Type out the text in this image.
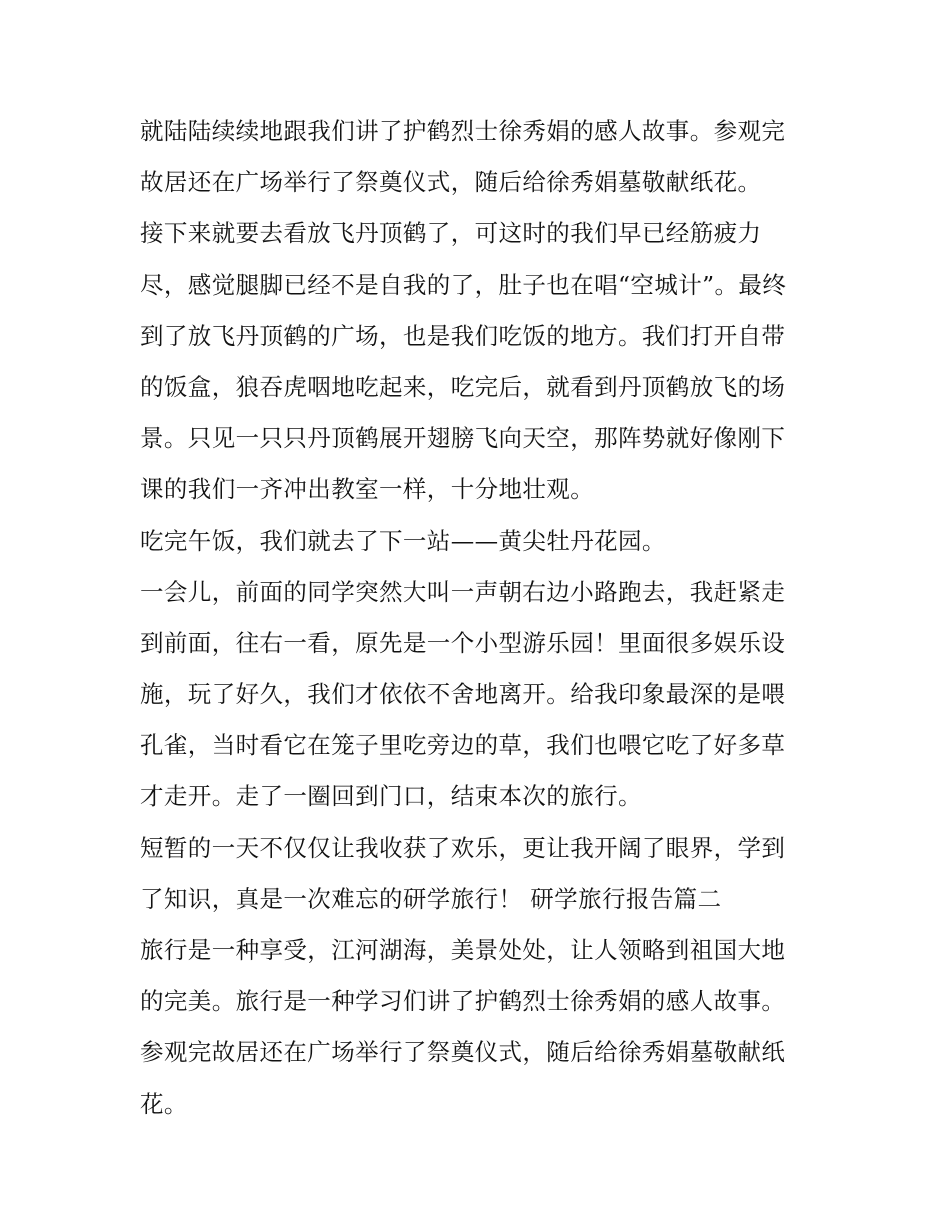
就陆陆续续地跟我们讲了护鹤烈士徐秀娟的感人故事。参观完
故居还在广场举行了祭奠仪式，随后给徐秀娟墓敬献纸花。
接下来就要去看放飞丹顶鹤了，可这时的我们早已经筋疲力
尽，感觉腿脚已经不是自我的了，肚子也在唱“空城计”。最终
到了放飞丹顶鹤的广场，也是我们吃饭的地方。我们打开自带
的饭盒，狼吞虎咽地吃起来，吃完后，就看到丹顶鹤放飞的场
景。只见一只只丹顶鹤展开翅膀飞向天空，那阵势就好像刚下
课的我们一齐冲出教室一样，十分地壮观。
吃完午饭，我们就去了下一站——黄尖牡丹花园。
一会儿，前面的同学突然大叫一声朝右边小路跑去，我赶紧走
到前面，往右一看，原先是一个小型游乐园！里面很多娱乐设
施，玩了好久，我们才依依不舍地离开。给我印象最深的是喂
孔雀，当时看它在笼子里吃旁边的草，我们也喂它吃了好多草
才走开。走了一圈回到门口，结束本次的旅行。
短暂的一天不仅仅让我收获了欢乐，更让我开阔了眼界，学到
了知识，真是一次难忘的研学旅行！ 研学旅行报告篇二
旅行是一种享受，江河湖海，美景处处，让人领略到祖国大地
的完美。旅行是一种学习们讲了护鹤烈士徐秀娟的感人故事。
参观完故居还在广场举行了祭奠仪式，随后给徐秀娟墓敬献纸
花。
